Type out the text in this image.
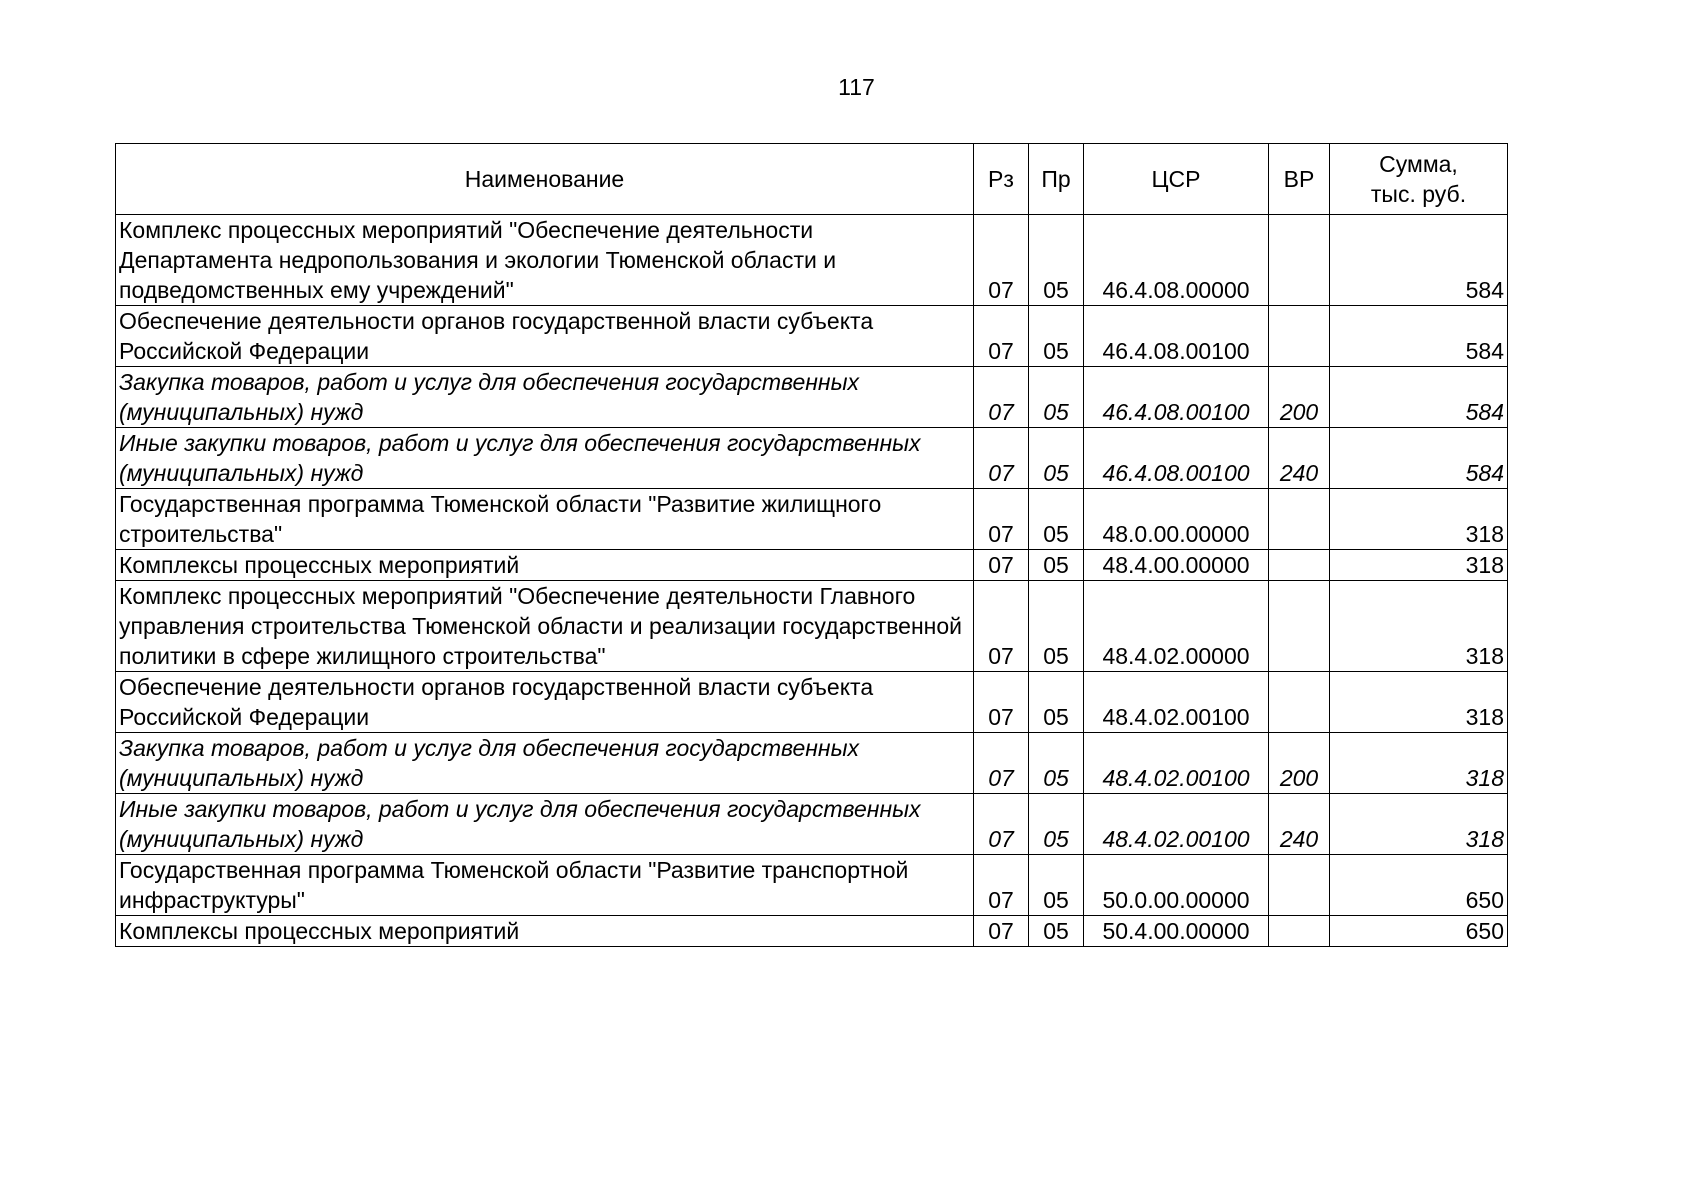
117
Наименование	Рз	Пр	ЦСР	ВР	Сумма,
тыс. руб.
Комплекс процессных мероприятий "Обеспечение деятельности Департамента недропользования и экологии Тюменской области и подведомственных ему учреждений"	07	05	46.4.08.00000		584
Обеспечение деятельности органов государственной власти субъекта Российской Федерации	07	05	46.4.08.00100		584
Закупка товаров, работ и услуг для обеспечения государственных (муниципальных) нужд	07	05	46.4.08.00100	200	584
Иные закупки товаров, работ и услуг для обеспечения государственных (муниципальных) нужд	07	05	46.4.08.00100	240	584
Государственная программа Тюменской области "Развитие жилищного строительства"	07	05	48.0.00.00000		318
Комплексы процессных мероприятий	07	05	48.4.00.00000		318
Комплекс процессных мероприятий "Обеспечение деятельности Главного управления строительства Тюменской области и реализации государственной политики в сфере жилищного строительства"	07	05	48.4.02.00000		318
Обеспечение деятельности органов государственной власти субъекта Российской Федерации	07	05	48.4.02.00100		318
Закупка товаров, работ и услуг для обеспечения государственных (муниципальных) нужд	07	05	48.4.02.00100	200	318
Иные закупки товаров, работ и услуг для обеспечения государственных (муниципальных) нужд	07	05	48.4.02.00100	240	318
Государственная программа Тюменской области "Развитие транспортной инфраструктуры"	07	05	50.0.00.00000		650
Комплексы процессных мероприятий	07	05	50.4.00.00000		650
